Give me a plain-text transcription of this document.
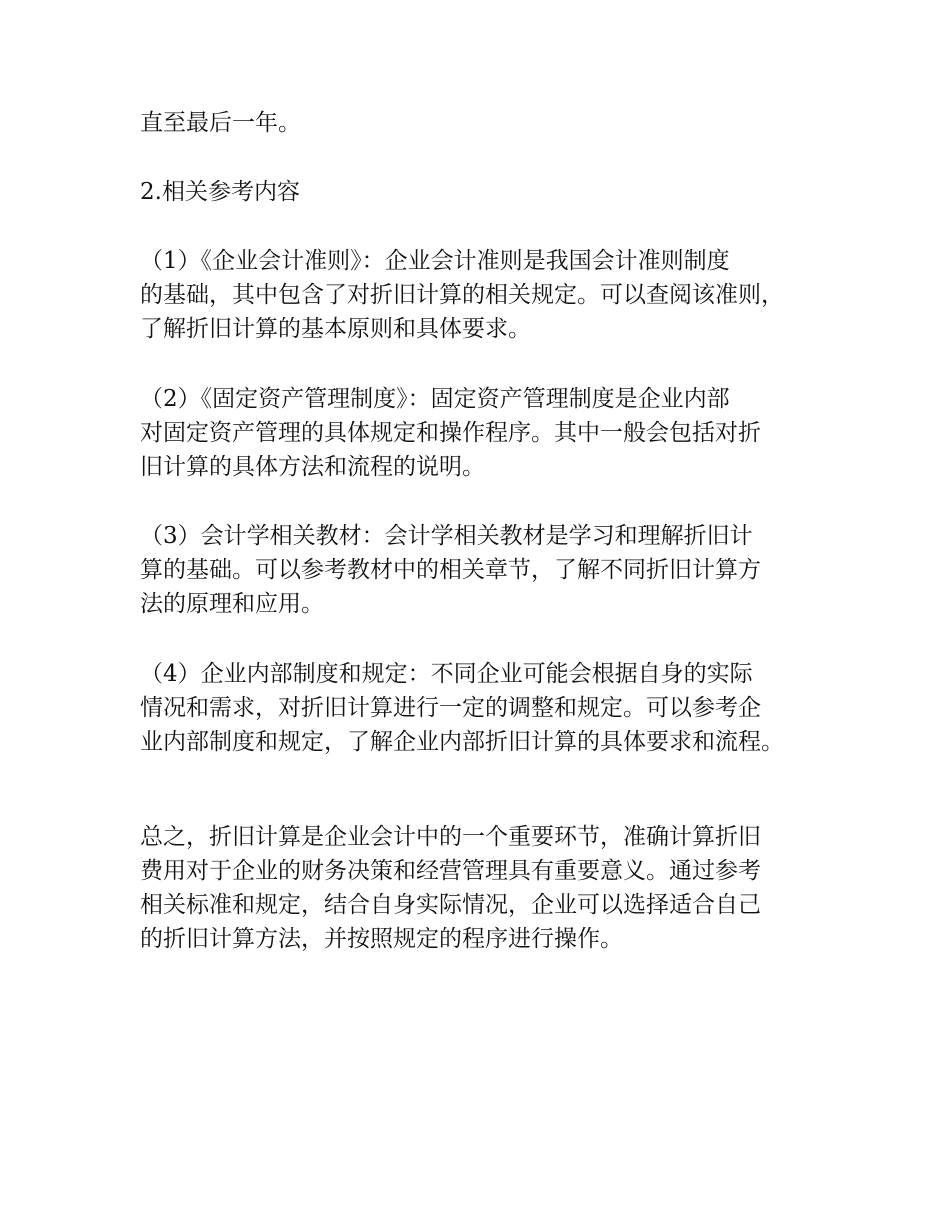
直至最后一年。

2.相关参考内容

（1）《企业会计准则》：企业会计准则是我国会计准则制度
的基础，其中包含了对折旧计算的相关规定。可以查阅该准则，
了解折旧计算的基本原则和具体要求。

（2）《固定资产管理制度》：固定资产管理制度是企业内部
对固定资产管理的具体规定和操作程序。其中一般会包括对折
旧计算的具体方法和流程的说明。

（3）会计学相关教材：会计学相关教材是学习和理解折旧计
算的基础。可以参考教材中的相关章节，了解不同折旧计算方
法的原理和应用。

（4）企业内部制度和规定：不同企业可能会根据自身的实际
情况和需求，对折旧计算进行一定的调整和规定。可以参考企
业内部制度和规定，了解企业内部折旧计算的具体要求和流程。

总之，折旧计算是企业会计中的一个重要环节，准确计算折旧
费用对于企业的财务决策和经营管理具有重要意义。通过参考
相关标准和规定，结合自身实际情况，企业可以选择适合自己
的折旧计算方法，并按照规定的程序进行操作。
